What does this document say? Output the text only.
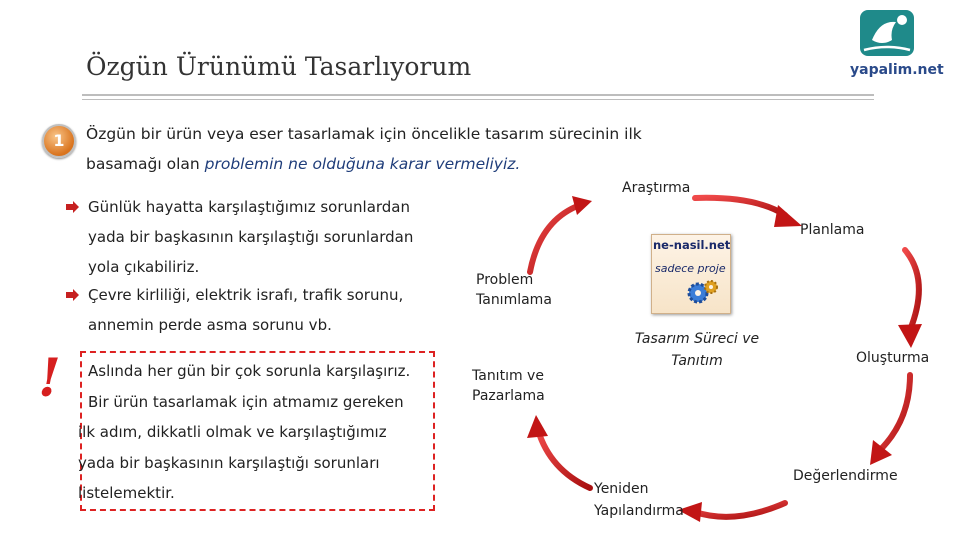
Özgün Ürünümü Tasarlıyorum	yapalim.net
1	Özgün bir ürün veya eser tasarlamak için öncelikle tasarım sürecinin ilk
basamağı olan problemin ne olduğuna karar vermeliyiz.
Günlük hayatta karşılaştığımız sorunlardan
yada bir başkasının karşılaştığı sorunlardan
yola çıkabiliriz.
Çevre kirliliği, elektrik israfı, trafik sorunu,
annemin perde asma sorunu vb.
! Aslında her gün bir çok sorunla karşılaşırız.
Bir ürün tasarlamak için atmamız gereken
ilk adım, dikkatli olmak ve karşılaştığımız
yada bir başkasının karşılaştığı sorunları
listelemektir.
ne-nasil.net
sadece proje
Araştırma
Planlama
Problem
Tanımlama
Tasarım Süreci ve
Tanıtım	Oluşturma
Tanıtım ve
Pazarlama
Değerlendirme
Yeniden
Yapılandırma
